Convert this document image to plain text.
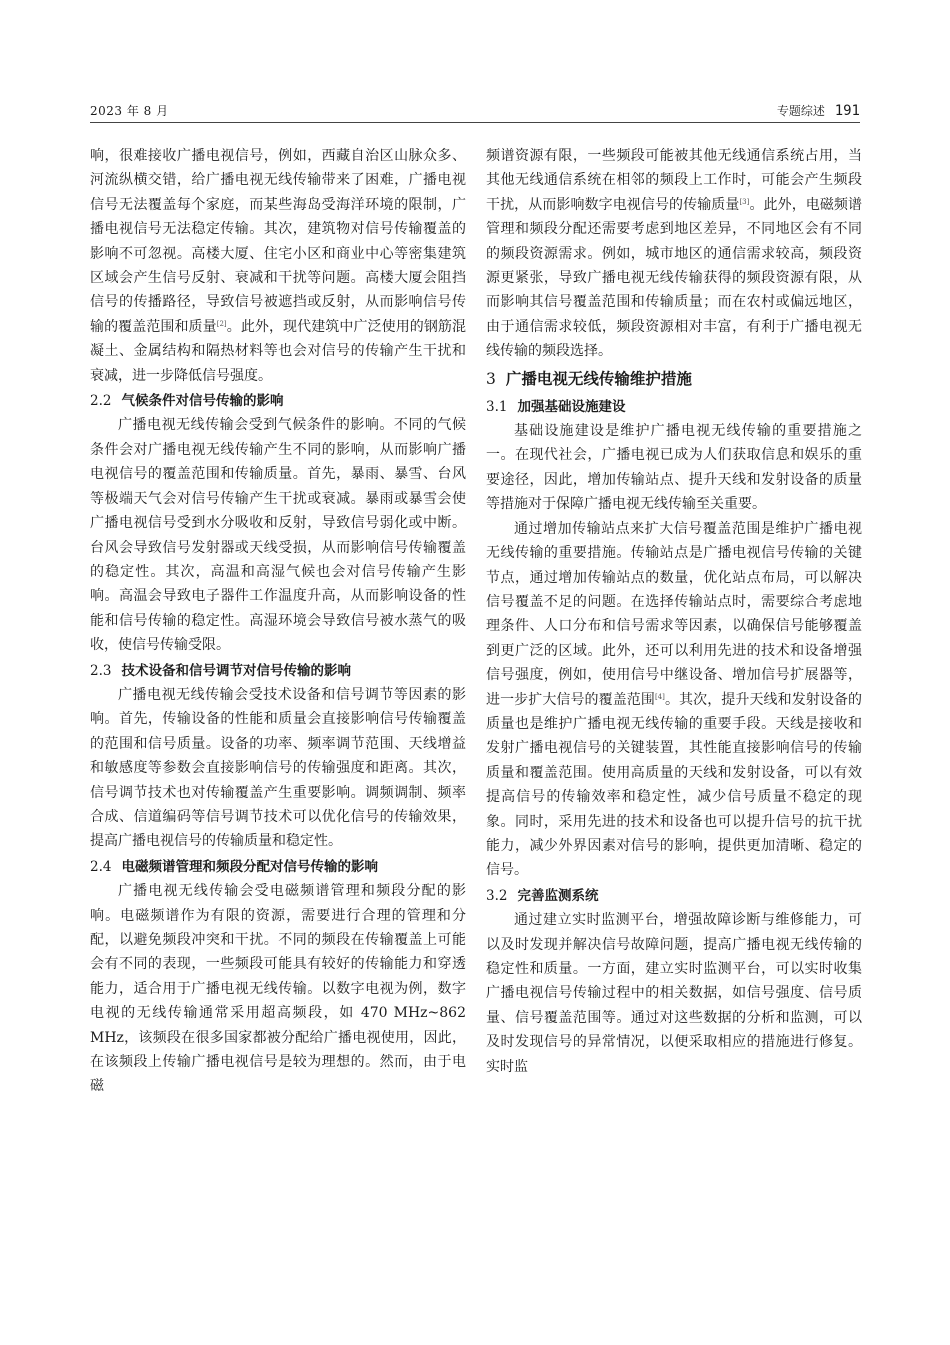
2023 年 8 月	专题综述 191

响，很难接收广播电视信号，例如，西藏自治区山脉众多、河流纵横交错，给广播电视无线传输带来了困难，广播电视信号无法覆盖每个家庭，而某些海岛受海洋环境的限制，广播电视信号无法稳定传输。其次，建筑物对信号传输覆盖的影响不可忽视。高楼大厦、住宅小区和商业中心等密集建筑区域会产生信号反射、衰减和干扰等问题。高楼大厦会阻挡信号的传播路径，导致信号被遮挡或反射，从而影响信号传输的覆盖范围和质量[2]。此外，现代建筑中广泛使用的钢筋混凝土、金属结构和隔热材料等也会对信号的传输产生干扰和衰减，进一步降低信号强度。

2.2 气候条件对信号传输的影响

广播电视无线传输会受到气候条件的影响。不同的气候条件会对广播电视无线传输产生不同的影响，从而影响广播电视信号的覆盖范围和传输质量。首先，暴雨、暴雪、台风等极端天气会对信号传输产生干扰或衰减。暴雨或暴雪会使广播电视信号受到水分吸收和反射，导致信号弱化或中断。台风会导致信号发射器或天线受损，从而影响信号传输覆盖的稳定性。其次，高温和高湿气候也会对信号传输产生影响。高温会导致电子器件工作温度升高，从而影响设备的性能和信号传输的稳定性。高湿环境会导致信号被水蒸气的吸收，使信号传输受限。

2.3 技术设备和信号调节对信号传输的影响

广播电视无线传输会受技术设备和信号调节等因素的影响。首先，传输设备的性能和质量会直接影响信号传输覆盖的范围和信号质量。设备的功率、频率调节范围、天线增益和敏感度等参数会直接影响信号的传输强度和距离。其次，信号调节技术也对传输覆盖产生重要影响。调频调制、频率合成、信道编码等信号调节技术可以优化信号的传输效果，提高广播电视信号的传输质量和稳定性。

2.4 电磁频谱管理和频段分配对信号传输的影响

广播电视无线传输会受电磁频谱管理和频段分配的影响。电磁频谱作为有限的资源，需要进行合理的管理和分配，以避免频段冲突和干扰。不同的频段在传输覆盖上可能会有不同的表现，一些频段可能具有较好的传输能力和穿透能力，适合用于广播电视无线传输。以数字电视为例，数字电视的无线传输通常采用超高频段，如 470 MHz~862 MHz，该频段在很多国家都被分配给广播电视使用，因此，在该频段上传输广播电视信号是较为理想的。然而，由于电磁

频谱资源有限，一些频段可能被其他无线通信系统占用，当其他无线通信系统在相邻的频段上工作时，可能会产生频段干扰，从而影响数字电视信号的传输质量[3]。此外，电磁频谱管理和频段分配还需要考虑到地区差异，不同地区会有不同的频段资源需求。例如，城市地区的通信需求较高，频段资源更紧张，导致广播电视无线传输获得的频段资源有限，从而影响其信号覆盖范围和传输质量；而在农村或偏远地区，由于通信需求较低，频段资源相对丰富，有利于广播电视无线传输的频段选择。

3 广播电视无线传输维护措施
3.1 加强基础设施建设

基础设施建设是维护广播电视无线传输的重要措施之一。在现代社会，广播电视已成为人们获取信息和娱乐的重要途径，因此，增加传输站点、提升天线和发射设备的质量等措施对于保障广播电视无线传输至关重要。

通过增加传输站点来扩大信号覆盖范围是维护广播电视无线传输的重要措施。传输站点是广播电视信号传输的关键节点，通过增加传输站点的数量，优化站点布局，可以解决信号覆盖不足的问题。在选择传输站点时，需要综合考虑地理条件、人口分布和信号需求等因素，以确保信号能够覆盖到更广泛的区域。此外，还可以利用先进的技术和设备增强信号强度，例如，使用信号中继设备、增加信号扩展器等，进一步扩大信号的覆盖范围[4]。其次，提升天线和发射设备的质量也是维护广播电视无线传输的重要手段。天线是接收和发射广播电视信号的关键装置，其性能直接影响信号的传输质量和覆盖范围。使用高质量的天线和发射设备，可以有效提高信号的传输效率和稳定性，减少信号质量不稳定的现象。同时，采用先进的技术和设备也可以提升信号的抗干扰能力，减少外界因素对信号的影响，提供更加清晰、稳定的信号。

3.2 完善监测系统

通过建立实时监测平台，增强故障诊断与维修能力，可以及时发现并解决信号故障问题，提高广播电视无线传输的稳定性和质量。一方面，建立实时监测平台，可以实时收集广播电视信号传输过程中的相关数据，如信号强度、信号质量、信号覆盖范围等。通过对这些数据的分析和监测，可以及时发现信号的异常情况，以便采取相应的措施进行修复。实时监
